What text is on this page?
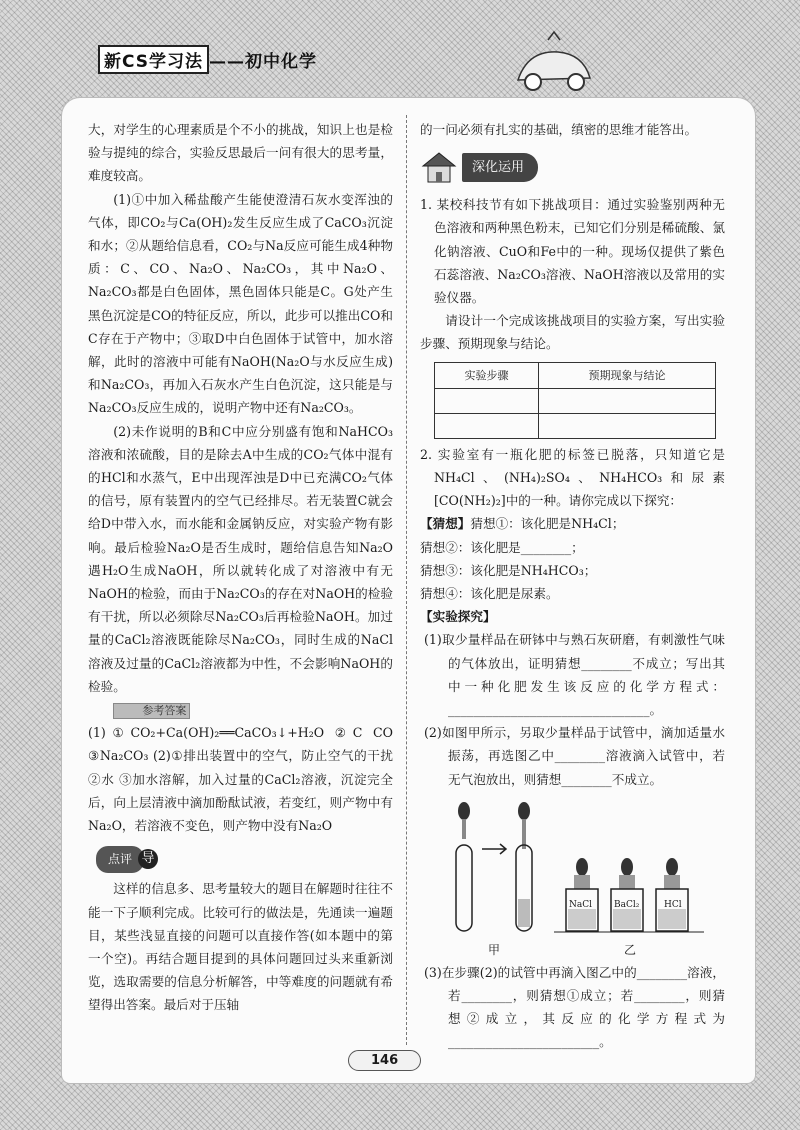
新CS学习法 ——初中化学

大，对学生的心理素质是个不小的挑战，知识上也是检验与提纯的综合，实验反思最后一问有很大的思考量，难度较高。

(1)①中加入稀盐酸产生能使澄清石灰水变浑浊的气体，即CO₂与Ca(OH)₂发生反应生成了CaCO₃沉淀和水；②从题给信息看，CO₂与Na反应可能生成4种物质：C、CO、Na₂O、Na₂CO₃，其中Na₂O、Na₂CO₃都是白色固体，黑色固体只能是C。G处产生黑色沉淀是CO的特征反应，所以，此步可以推出CO和C存在于产物中；③取D中白色固体于试管中，加水溶解，此时的溶液中可能有NaOH(Na₂O与水反应生成)和Na₂CO₃，再加入石灰水产生白色沉淀，这只能是与Na₂CO₃反应生成的，说明产物中还有Na₂CO₃。

(2)未作说明的B和C中应分别盛有饱和NaHCO₃溶液和浓硫酸，目的是除去A中生成的CO₂气体中混有的HCl和水蒸气，E中出现浑浊是D中已充满CO₂气体的信号，原有装置内的空气已经排尽。若无装置C就会给D中带入水，而水能和金属钠反应，对实验产物有影响。最后检验Na₂O是否生成时，题给信息告知Na₂O遇H₂O生成NaOH，所以就转化成了对溶液中有无NaOH的检验，而由于Na₂CO₃的存在对NaOH的检验有干扰，所以必须除尽Na₂CO₃后再检验NaOH。加过量的CaCl₂溶液既能除尽Na₂CO₃，同时生成的NaCl溶液及过量的CaCl₂溶液都为中性，不会影响NaOH的检验。

参考答案(1)①CO₂+Ca(OH)₂══CaCO₃↓+H₂O ②C CO ③Na₂CO₃ (2)①排出装置中的空气，防止空气的干扰 ②水 ③加水溶解，加入过量的CaCl₂溶液，沉淀完全后，向上层清液中滴加酚酞试液，若变红，则产物中有Na₂O，若溶液不变色，则产物中没有Na₂O

点评 导

这样的信息多、思考量较大的题目在解题时往往不能一下子顺利完成。比较可行的做法是，先通读一遍题目，某些浅显直接的问题可以直接作答(如本题中的第一个空)。再结合题目提到的具体问题回过头来重新浏览，选取需要的信息分析解答，中等难度的问题就有希望得出答案。最后对于压轴

的一问必须有扎实的基础，缜密的思维才能答出。

深化运用

1. 某校科技节有如下挑战项目：通过实验鉴别两种无色溶液和两种黑色粉末，已知它们分别是稀硫酸、氯化钠溶液、CuO和Fe中的一种。现场仅提供了紫色石蕊溶液、Na₂CO₃溶液、NaOH溶液以及常用的实验仪器。

请设计一个完成该挑战项目的实验方案，写出实验步骤、预期现象与结论。

实验步骤	预期现象与结论

2. 实验室有一瓶化肥的标签已脱落，只知道它是NH₄Cl、(NH₄)₂SO₄、NH₄HCO₃和尿素[CO(NH₂)₂]中的一种。请你完成以下探究：

【猜想】猜想①：该化肥是NH₄Cl；

猜想②：该化肥是________；

猜想③：该化肥是NH₄HCO₃；

猜想④：该化肥是尿素。

【实验探究】

(1)取少量样品在研钵中与熟石灰研磨，有刺激性气味的气体放出，证明猜想________不成立；写出其中一种化肥发生该反应的化学方程式：________________________________。

(2)如图甲所示，另取少量样品于试管中，滴加适量水振荡，再选图乙中________溶液滴入试管中，若无气泡放出，则猜想________不成立。

NaCl BaCl₂	HCl
甲	乙

(3)在步骤(2)的试管中再滴入图乙中的________溶液，若________，则猜想①成立；若________，则猜想②成立，其反应的化学方程式为________________________。

146
